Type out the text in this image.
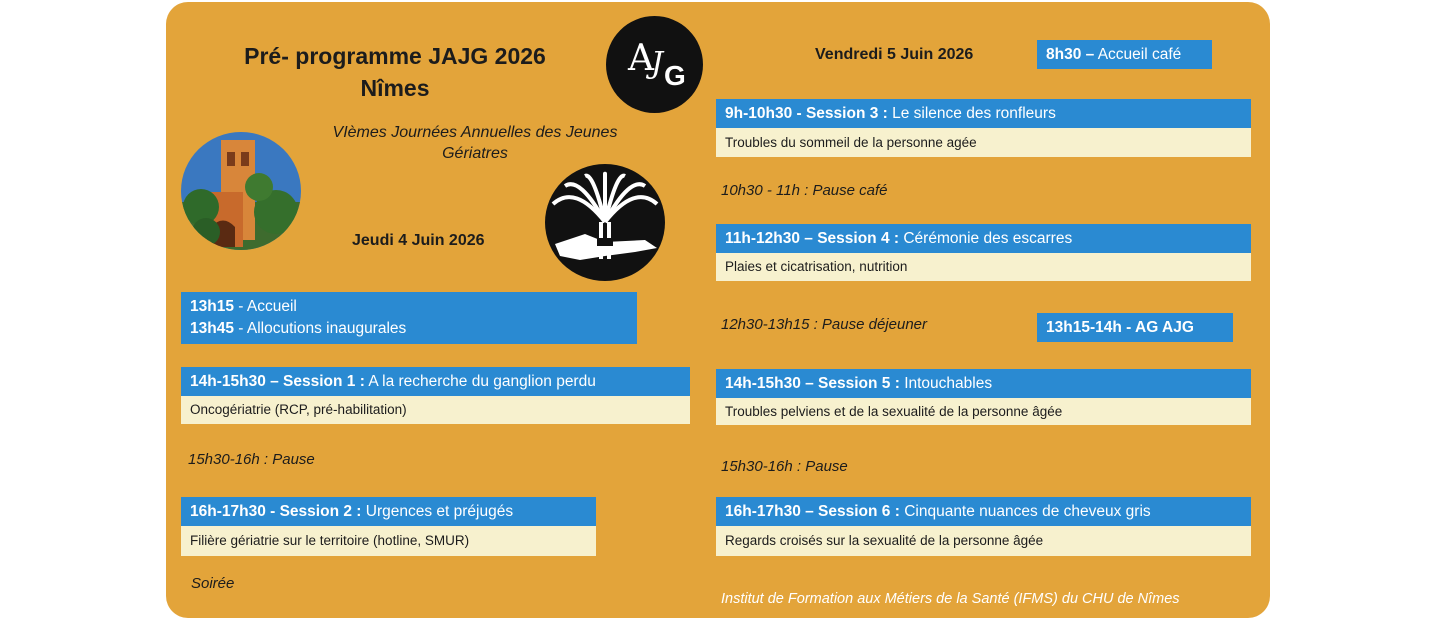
Pré- programme JAJG 2026
Nîmes
VIèmes Journées Annuelles des Jeunes
Gériatres
A
J G
Jeudi 4 Juin 2026
13h15 - Accueil
13h45 - Allocutions inaugurales
14h-15h30 – Session 1 : A la recherche du ganglion perdu
Oncogériatrie (RCP, pré-habilitation)
15h30-16h : Pause
16h-17h30 - Session 2 : Urgences et préjugés
Filière gériatrie sur le territoire (hotline, SMUR)
Soirée
Vendredi 5 Juin 2026	8h30 – Accueil café
9h-10h30 - Session 3 : Le silence des ronfleurs
Troubles du sommeil de la personne agée
10h30 - 11h : Pause café
11h-12h30 – Session 4 : Cérémonie des escarres
Plaies et cicatrisation, nutrition
12h30-13h15 : Pause déjeuner	13h15-14h - AG AJG
14h-15h30 – Session 5 : Intouchables
Troubles pelviens et de la sexualité de la personne âgée
15h30-16h : Pause
16h-17h30 – Session 6 : Cinquante nuances de cheveux gris
Regards croisés sur la sexualité de la personne âgée
Institut de Formation aux Métiers de la Santé (IFMS) du CHU de Nîmes
